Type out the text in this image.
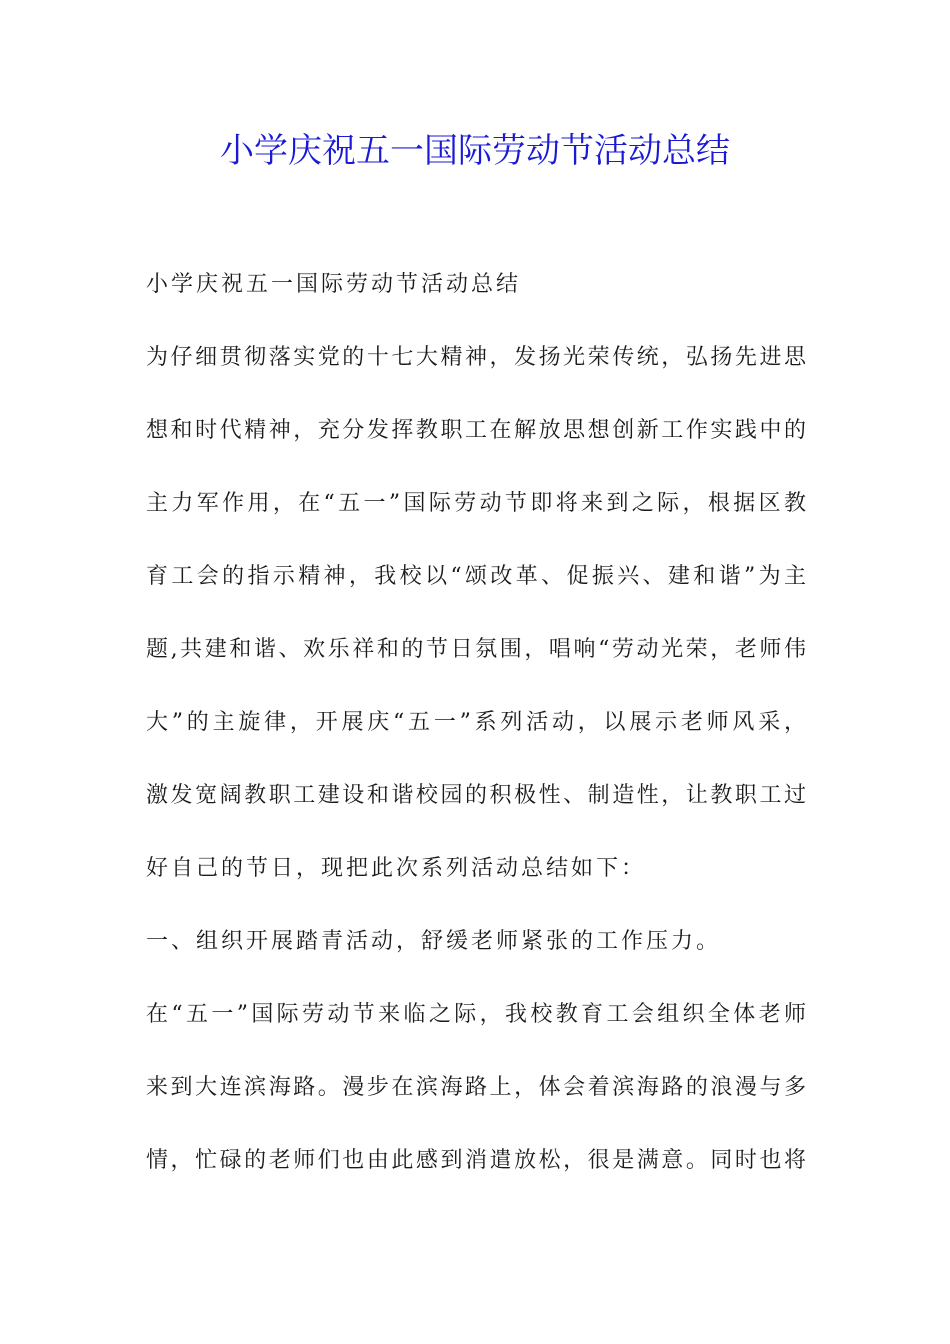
小学庆祝五一国际劳动节活动总结
小学庆祝五一国际劳动节活动总结
为仔细贯彻落实党的十七大精神，发扬光荣传统，弘扬先进思
想和时代精神，充分发挥教职工在解放思想创新工作实践中的
主力军作用，在“五一”国际劳动节即将来到之际，根据区教
育工会的指示精神，我校以“颂改革、促振兴、建和谐”为主
题,共建和谐、欢乐祥和的节日氛围，唱响“劳动光荣，老师伟
大”的主旋律，开展庆“五一”系列活动，以展示老师风采，
激发宽阔教职工建设和谐校园的积极性、制造性，让教职工过
好自己的节日，现把此次系列活动总结如下：
一、组织开展踏青活动，舒缓老师紧张的工作压力。
在“五一”国际劳动节来临之际，我校教育工会组织全体老师
来到大连滨海路。漫步在滨海路上，体会着滨海路的浪漫与多
情，忙碌的老师们也由此感到消遣放松，很是满意。同时也将
